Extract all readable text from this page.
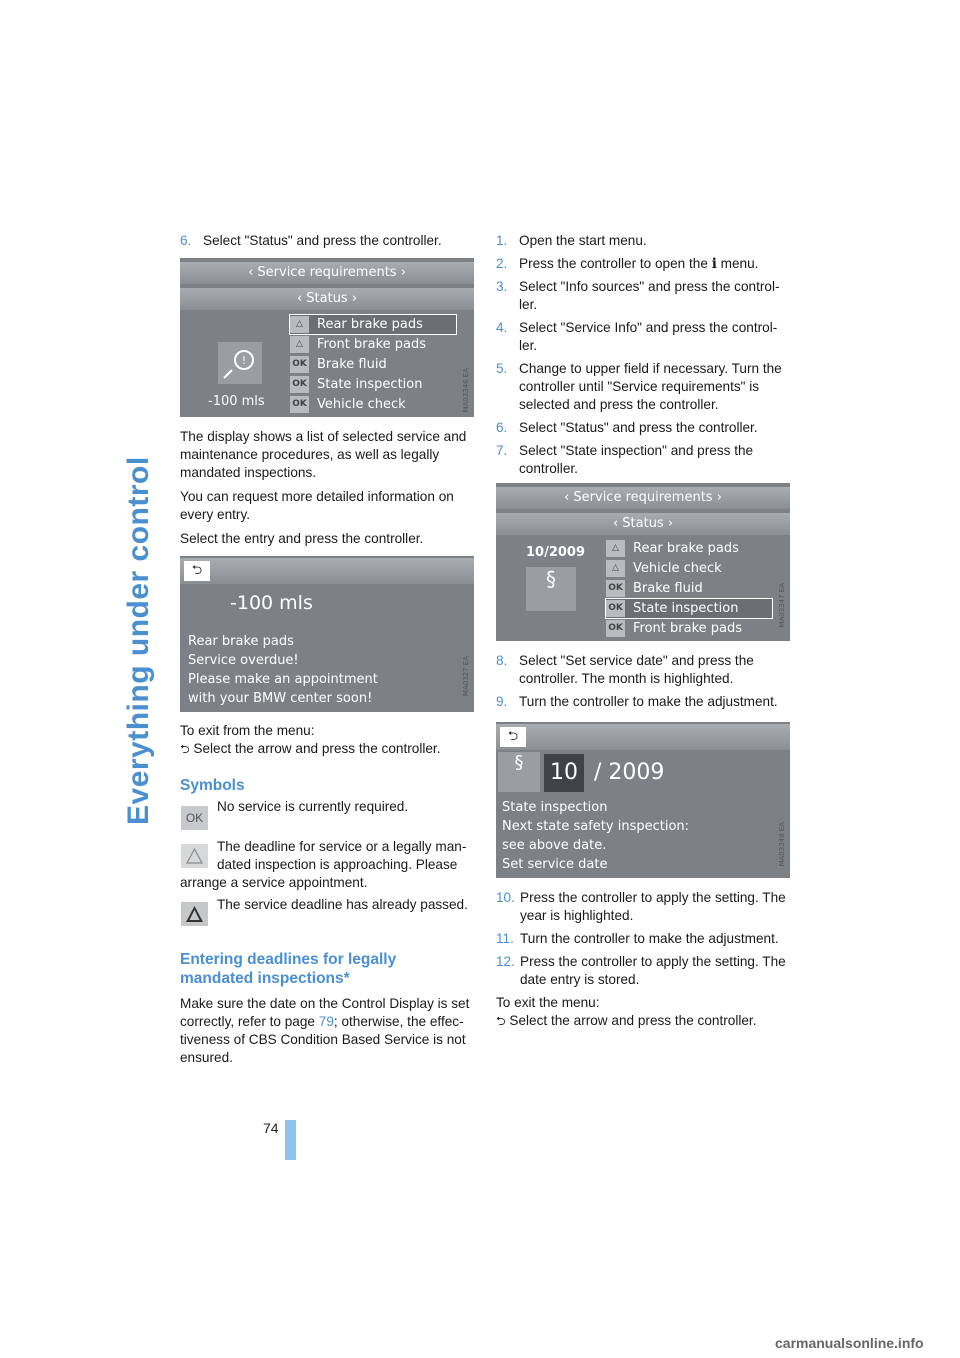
Everything under control
74
6. Select "Status" and press the controller.
‹ Service requirements ›
‹ Status ›
!
-100 mls
△	Rear brake pads
△	Front brake pads
OK Brake fluid
OK State inspection
OK Vehicle check	MA03346 EA

The display shows a list of selected service and maintenance procedures, as well as legally mandated inspections.

You can request more detailed information on every entry.

Select the entry and press the controller.

⮌
-100 mls
Rear brake pads
Service overdue!
Please make an appointment
with your BMW center soon!
MA0327 EA
To exit from the menu:
⮌ Select the arrow and press the controller.
Symbols
OK
No service is currently required.
The deadline for service or a legally man-
dated inspection is approaching. Please
arrange a service appointment.
The service deadline has already passed.
Entering deadlines for legally
mandated inspections*

Make sure the date on the Control Display is set correctly, refer to page 79; otherwise, the effec-tiveness of CBS Condition Based Service is not ensured.

1. Open the start menu.
2. Press the controller to open the i menu.
3. Select "Info sources" and press the control-ler.
4. Select "Service Info" and press the control-ler.
5. Change to upper field if necessary. Turn the controller until "Service requirements" is selected and press the controller.
6. Select "Status" and press the controller.
7. Select "State inspection" and press the controller.
‹ Service requirements ›
‹ Status ›
10/2009
§
△	Rear brake pads
△	Vehicle check
OK Brake fluid
OK State inspection
OK Front brake pads
MA03347 EA
8. Select "Set service date" and press the controller. The month is highlighted.
9. Turn the controller to make the adjustment.
⮌
§	10 / 2009
State inspection
Next state safety inspection:
see above date.
Set service date	MA03348 EA
10. Press the controller to apply the setting. The year is highlighted.
11. Turn the controller to make the adjustment.
12. Press the controller to apply the setting. The date entry is stored.
To exit the menu:
⮌ Select the arrow and press the controller.
carmanualsonline.info
